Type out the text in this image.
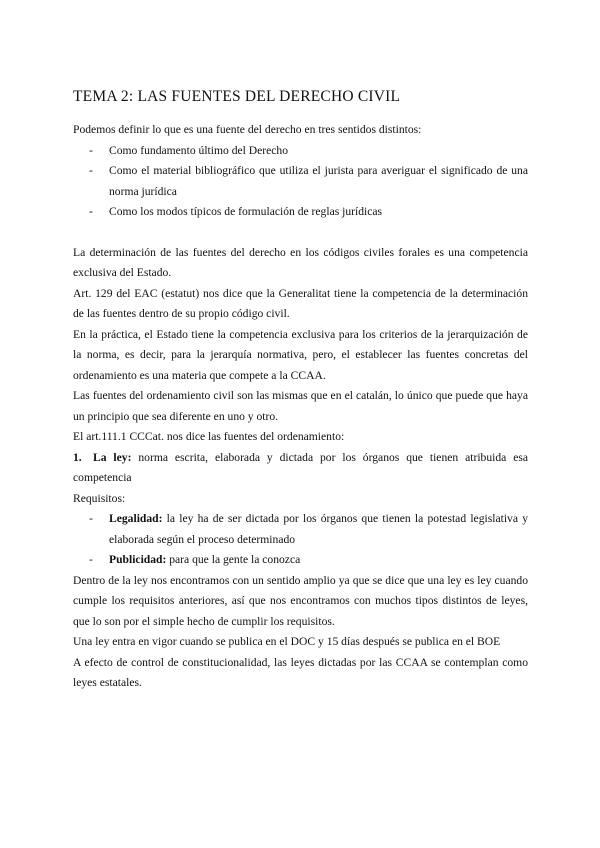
TEMA 2: LAS FUENTES DEL DERECHO CIVIL

Podemos definir lo que es una fuente del derecho en tres sentidos distintos:

- Como fundamento último del Derecho
- Como el material bibliográfico que utiliza el jurista para averiguar el significado de una norma jurídica
- Como los modos típicos de formulación de reglas jurídicas

La determinación de las fuentes del derecho en los códigos civiles forales es una competencia exclusiva del Estado.

Art. 129 del EAC (estatut) nos dice que la Generalitat tiene la competencia de la determinación de las fuentes dentro de su propio código civil.

En la práctica, el Estado tiene la competencia exclusiva para los criterios de la jerarquización de la norma, es decir, para la jerarquía normativa, pero, el establecer las fuentes concretas del ordenamiento es una materia que compete a la CCAA.

Las fuentes del ordenamiento civil son las mismas que en el catalán, lo único que puede que haya un principio que sea diferente en uno y otro.

El art.111.1 CCCat. nos dice las fuentes del ordenamiento:

1. La ley: norma escrita, elaborada y dictada por los órganos que tienen atribuida esa competencia

Requisitos:

- Legalidad: la ley ha de ser dictada por los órganos que tienen la potestad legislativa y elaborada según el proceso determinado
- Publicidad: para que la gente la conozca

Dentro de la ley nos encontramos con un sentido amplio ya que se dice que una ley es ley cuando cumple los requisitos anteriores, así que nos encontramos con muchos tipos distintos de leyes, que lo son por el simple hecho de cumplir los requisitos.

Una ley entra en vigor cuando se publica en el DOC y 15 días después se publica en el BOE

A efecto de control de constitucionalidad, las leyes dictadas por las CCAA se contemplan como leyes estatales.
